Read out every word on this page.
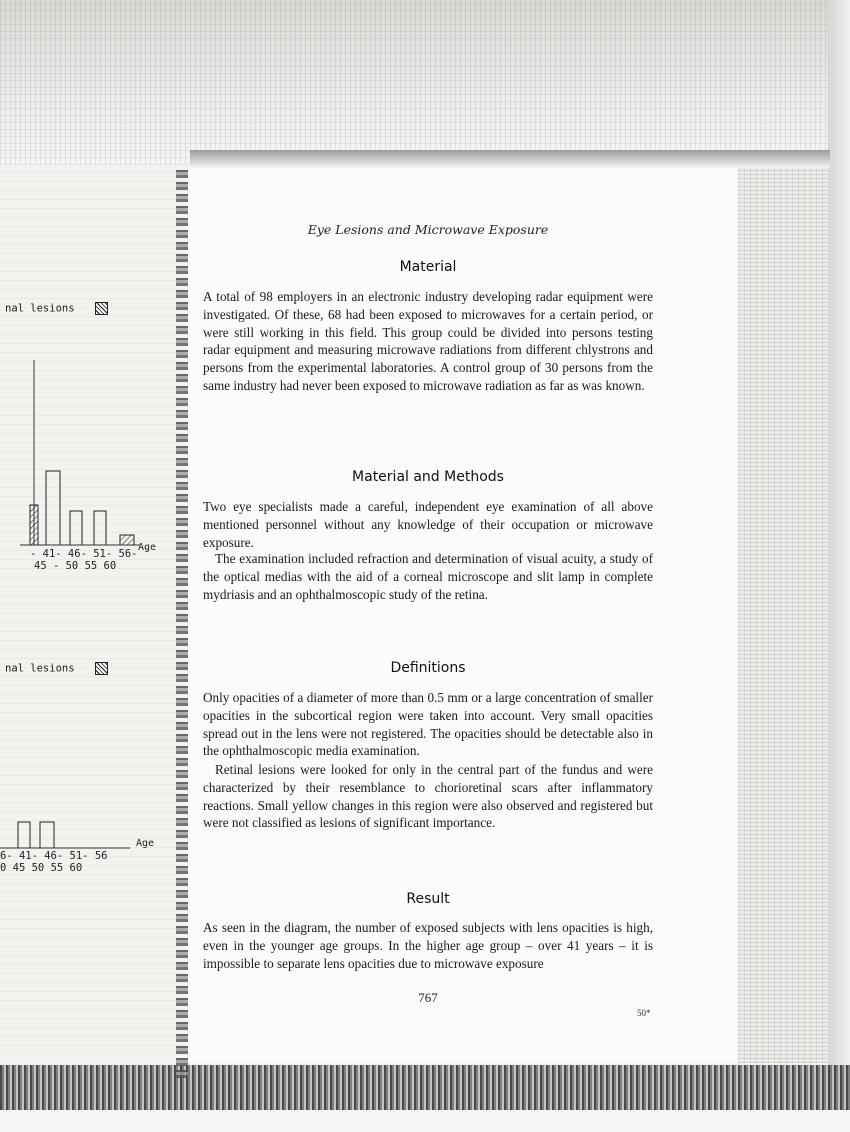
nal lesions
Age
- 41- 46- 51- 56-
45 - 50 55 60
nal lesions
Age
6- 41- 46- 51- 56
0 45 50 55 60
Eye Lesions and Microwave Exposure
Material

A total of 98 employers in an electronic industry developing radar equipment were investigated. Of these, 68 had been exposed to microwaves for a certain period, or were still working in this field. This group could be divided into persons testing radar equipment and measuring microwave radiations from different chlystrons and persons from the experimental laboratories. A control group of 30 persons from the same industry had never been exposed to microwave radiation as far as was known.

Material and Methods

Two eye specialists made a careful, independent eye examination of all above mentioned personnel without any knowledge of their occupation or microwave exposure.

The examination included refraction and determination of visual acuity, a study of the optical medias with the aid of a corneal microscope and slit lamp in complete mydriasis and an ophthalmoscopic study of the retina.

Definitions

Only opacities of a diameter of more than 0.5 mm or a large concentration of smaller opacities in the subcortical region were taken into account. Very small opacities spread out in the lens were not registered. The opacities should be detectable also in the ophthalmoscopic media examination.

Retinal lesions were looked for only in the central part of the fundus and were characterized by their resemblance to chorioretinal scars after inflammatory reactions. Small yellow changes in this region were also observed and registered but were not classified as lesions of significant importance.

Result

As seen in the diagram, the number of exposed subjects with lens opacities is high, even in the younger age groups. In the higher age group – over 41 years – it is impossible to separate lens opacities due to microwave exposure

767
50*
